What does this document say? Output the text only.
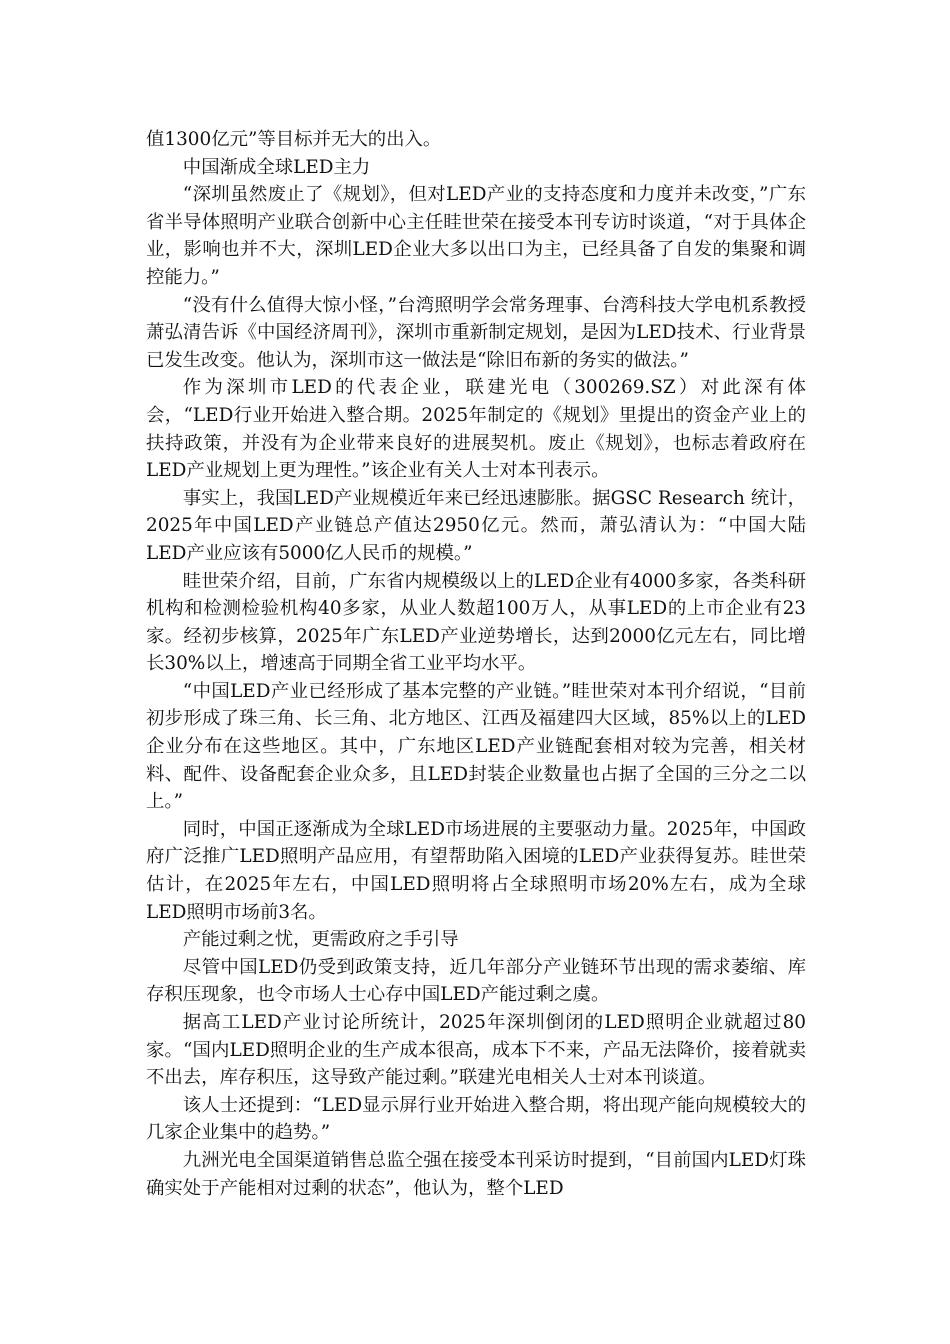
值1300亿元”等目标并无大的出入。

中国渐成全球LED主力

“深圳虽然废止了《规划》，但对LED产业的支持态度和力度并未改变，”广东省半导体照明产业联合创新中心主任眭世荣在接受本刊专访时谈道，“对于具体企业，影响也并不大，深圳LED企业大多以出口为主，已经具备了自发的集聚和调控能力。”

“没有什么值得大惊小怪，”台湾照明学会常务理事、台湾科技大学电机系教授萧弘清告诉《中国经济周刊》，深圳市重新制定规划，是因为LED技术、行业背景已发生改变。他认为，深圳市这一做法是“除旧布新的务实的做法。”

作为深圳市LED的代表企业，联建光电（300269.SZ）对此深有体会，“LED行业开始进入整合期。2025年制定的《规划》里提出的资金产业上的扶持政策，并没有为企业带来良好的进展契机。废止《规划》，也标志着政府在LED产业规划上更为理性。”该企业有关人士对本刊表示。

事实上，我国LED产业规模近年来已经迅速膨胀。据GSC Research 统计，2025年中国LED产业链总产值达2950亿元。然而，萧弘清认为：“中国大陆LED产业应该有5000亿人民币的规模。”

眭世荣介绍，目前，广东省内规模级以上的LED企业有4000多家，各类科研机构和检测检验机构40多家，从业人数超100万人，从事LED的上市企业有23家。经初步核算，2025年广东LED产业逆势增长，达到2000亿元左右，同比增长30%以上，增速高于同期全省工业平均水平。

“中国LED产业已经形成了基本完整的产业链。”眭世荣对本刊介绍说，“目前初步形成了珠三角、长三角、北方地区、江西及福建四大区域，85%以上的LED企业分布在这些地区。其中，广东地区LED产业链配套相对较为完善，相关材料、配件、设备配套企业众多，且LED封装企业数量也占据了全国的三分之二以上。”

同时，中国正逐渐成为全球LED市场进展的主要驱动力量。2025年，中国政府广泛推广LED照明产品应用，有望帮助陷入困境的LED产业获得复苏。眭世荣估计，在2025年左右，中国LED照明将占全球照明市场20%左右，成为全球LED照明市场前3名。

产能过剩之忧，更需政府之手引导

尽管中国LED仍受到政策支持，近几年部分产业链环节出现的需求萎缩、库存积压现象，也令市场人士心存中国LED产能过剩之虞。

据高工LED产业讨论所统计，2025年深圳倒闭的LED照明企业就超过80家。“国内LED照明企业的生产成本很高，成本下不来，产品无法降价，接着就卖不出去，库存积压，这导致产能过剩。”联建光电相关人士对本刊谈道。

该人士还提到：“LED显示屏行业开始进入整合期，将出现产能向规模较大的几家企业集中的趋势。”

九洲光电全国渠道销售总监仝强在接受本刊采访时提到，“目前国内LED灯珠确实处于产能相对过剩的状态”，他认为，整个LED
